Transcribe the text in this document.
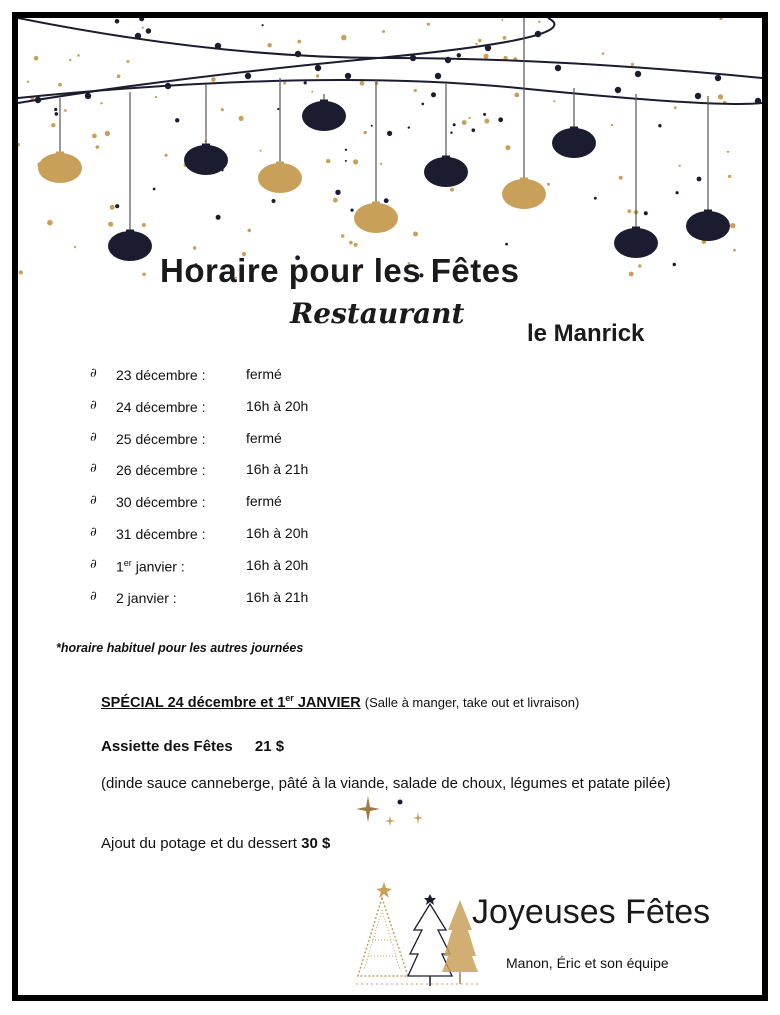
Horaire pour les Fêtes
Restaurant
le Manrick
∂ 23 décembre :	fermé
∂ 24 décembre :	16h à 20h
∂ 25 décembre :	fermé
∂ 26 décembre :	16h à 21h
∂ 30 décembre :	fermé
∂ 31 décembre :	16h à 20h
∂ 1er janvier :	16h à 20h
∂ 2 janvier :	16h à 21h
*horaire habituel pour les autres journées
SPÉCIAL 24 décembre et 1er JANVIER (Salle à manger, take out et livraison)
Assiette des Fêtes 21 $
(dinde sauce canneberge, pâté à la viande, salade de choux, légumes et patate pilée)
Ajout du potage et du dessert 30 $
Joyeuses Fêtes
Manon, Éric et son équipe
